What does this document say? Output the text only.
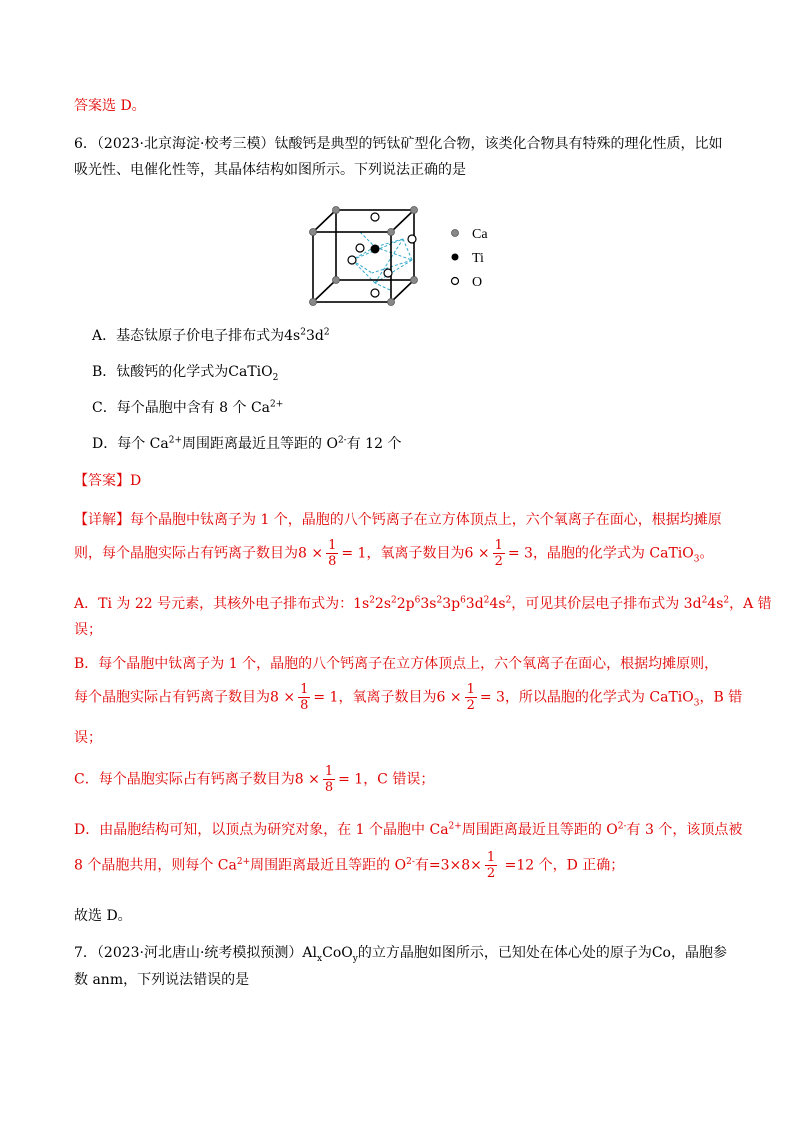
答案选 D。
6．（2023·北京海淀·校考三模）钛酸钙是典型的钙钛矿型化合物，该类化合物具有特殊的理化性质，比如
吸光性、电催化性等，其晶体结构如图所示。下列说法正确的是
Ca
Ti
O
A．基态钛原子价电子排布式为$4s^23d^2$
B．钛酸钙的化学式为CaTiO$_2$
C．每个晶胞中含有 8 个 $Ca^{2+}$
D．每个 $Ca^{2+}$周围距离最近且等距的 $O^{2-}$有 12 个
【答案】D
【详解】每个晶胞中钛离子为 1 个，晶胞的八个钙离子在立方体顶点上，六个氧离子在面心，根据均摊原
则，每个晶胞实际占有钙离子数目为$8 \times \frac{1}{8} = 1$，氧离子数目为$6 \times \frac{1}{2} = 3$，晶胞的化学式为 CaTiO$_3$。
A．Ti 为 22 号元素，其核外电子排布式为：$1s^22s^22p^63s^23p^63d^24s^2$，可见其价层电子排布式为 $3d^24s^2$，A 错
误；
B．每个晶胞中钛离子为 1 个，晶胞的八个钙离子在立方体顶点上，六个氧离子在面心，根据均摊原则，
每个晶胞实际占有钙离子数目为$8 \times \frac{1}{8} = 1$，氧离子数目为$6 \times \frac{1}{2} = 3$，所以晶胞的化学式为 CaTiO$_3$，B 错
误；
C．每个晶胞实际占有钙离子数目为$8 \times \frac{1}{8} = 1$，C 错误；
D．由晶胞结构可知，以顶点为研究对象，在 1 个晶胞中 $Ca^{2+}$周围距离最近且等距的 $O^{2-}$有 3 个，该顶点被
8 个晶胞共用，则每个 $Ca^{2+}$周围距离最近且等距的 $O^{2-}$有$=3\times 8\times \frac{1}{2} =12$ 个，D 正确；
故选 D。
7．（2023·河北唐山·统考模拟预测）$Al_xCoO_y$的立方晶胞如图所示，已知处在体心处的原子为Co，晶胞参
数 anm，下列说法错误的是
